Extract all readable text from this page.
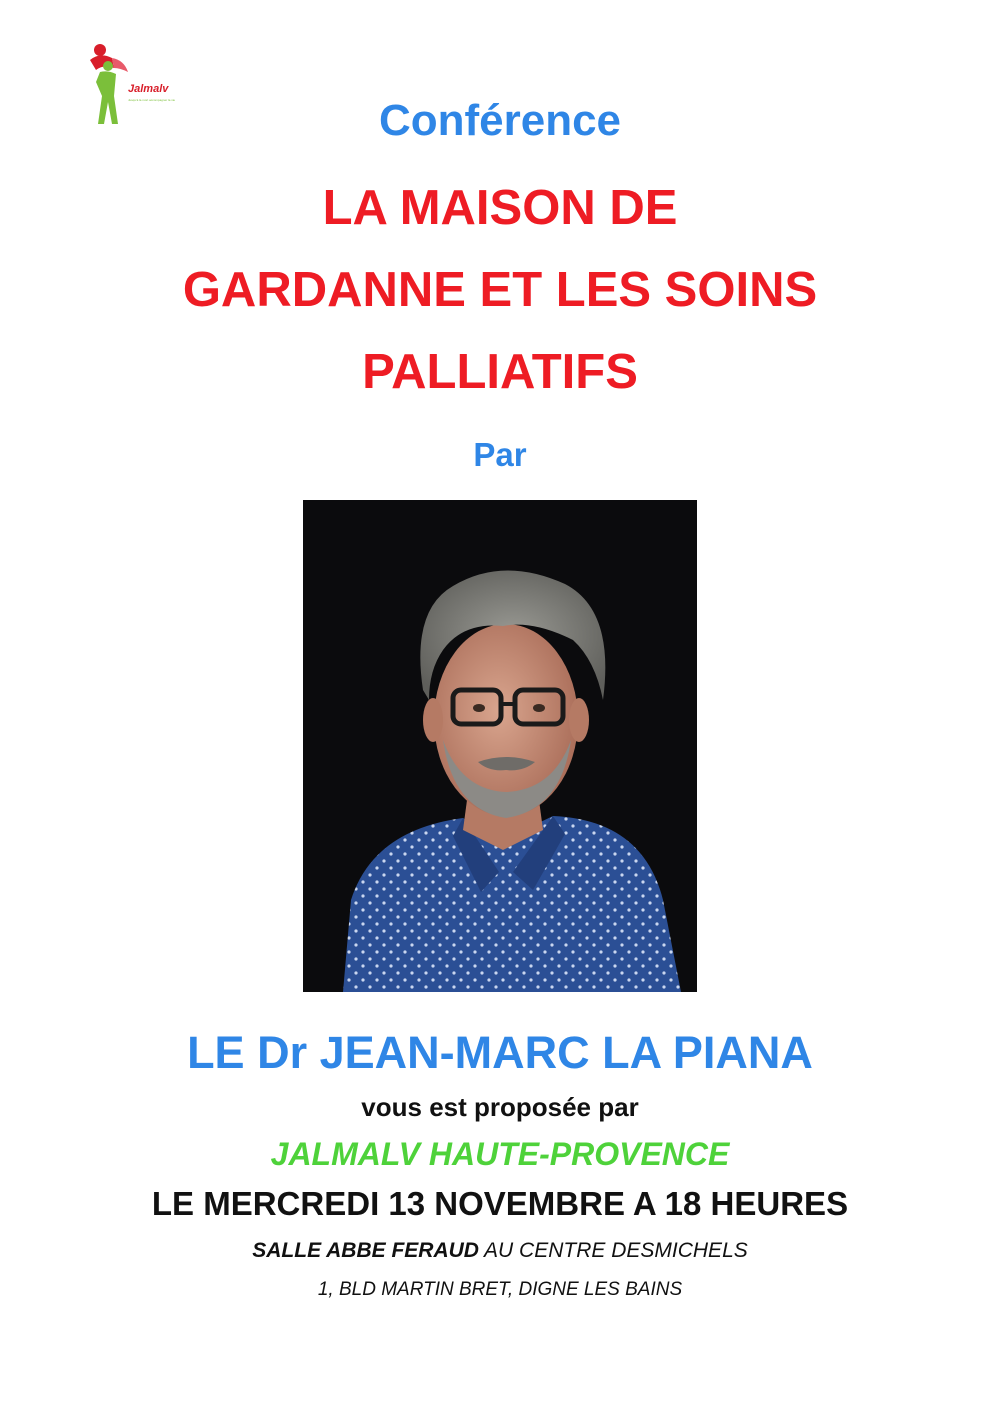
Jalmalv
Jusqu'à la mort accompagner la vie	Conférence
LA MAISON DE
GARDANNE ET LES SOINS
PALLIATIFS
Par
LE Dr JEAN-MARC LA PIANA
vous est proposée par
JALMALV HAUTE-PROVENCE
LE MERCREDI 13 NOVEMBRE A 18 HEURES
SALLE ABBE FERAUD AU CENTRE DESMICHELS
1, BLD MARTIN BRET, DIGNE LES BAINS
